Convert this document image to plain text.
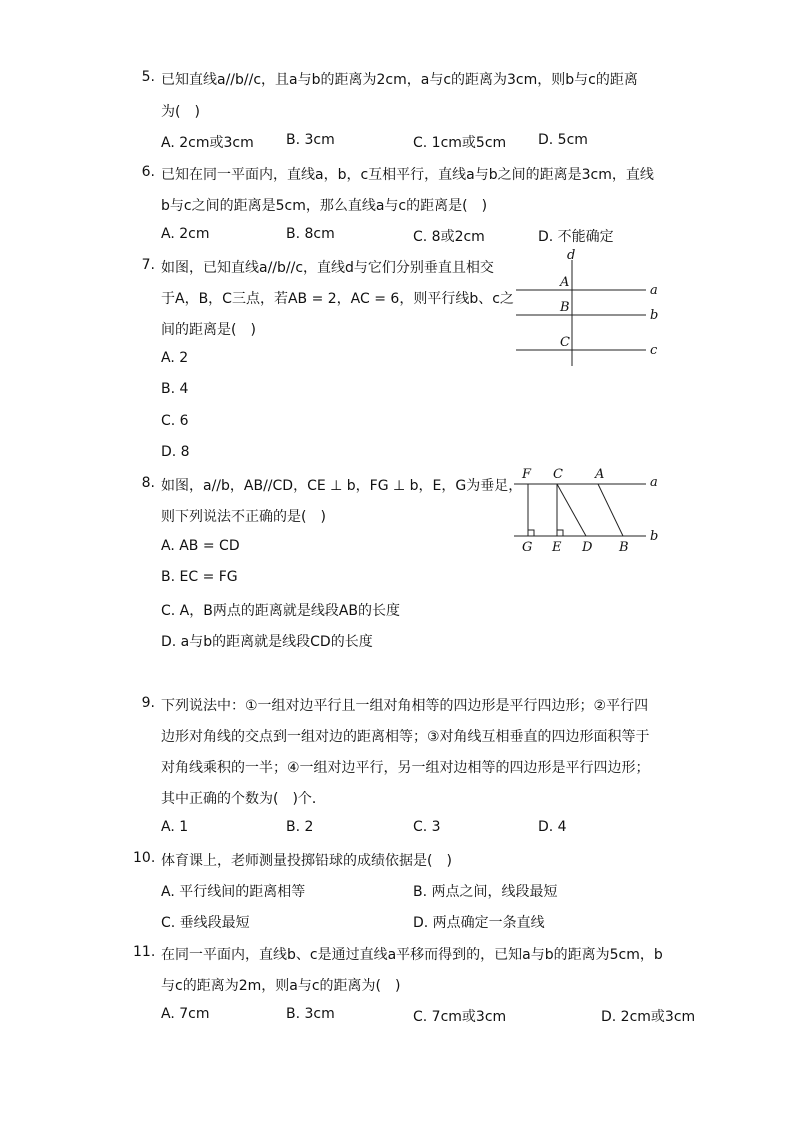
5. 已知直线a//b//c，且a与b的距离为2cm，a与c的距离为3cm，则b与c的距离
为(　)
A. 2cm或3cm B. 3cm	C. 1cm或5cm D. 5cm
6. 已知在同一平面内，直线a，b，c互相平行，直线a与b之间的距离是3cm，直线
b与c之间的距离是5cm，那么直线a与c的距离是(　)
A. 2cm	B. 8cm	C. 8或2cm	D. 不能确定
7. 如图，已知直线a//b//c，直线d与它们分别垂直且相交
于A，B，C三点，若AB = 2，AC = 6，则平行线b、c之
间的距离是(　)
A. 2
B. 4
C. 6
D. 8
d
A
B
C
a
b
c
8. 如图，a//b，AB//CD，CE ⊥ b，FG ⊥ b，E，G为垂足，
则下列说法不正确的是(　)
A. AB = CD
B. EC = FG
C. A，B两点的距离就是线段AB的长度
D. a与b的距离就是线段CD的长度
F C A
a
G E D B
b
9. 下列说法中：①一组对边平行且一组对角相等的四边形是平行四边形；②平行四
边形对角线的交点到一组对边的距离相等；③对角线互相垂直的四边形面积等于
对角线乘积的一半；④一组对边平行，另一组对边相等的四边形是平行四边形；
其中正确的个数为(　)个．
A. 1	B. 2	C. 3	D. 4
10. 体育课上，老师测量投掷铅球的成绩依据是(　)
A. 平行线间的距离相等	B. 两点之间，线段最短
C. 垂线段最短	D. 两点确定一条直线
11. 在同一平面内，直线b、c是通过直线a平移而得到的，已知a与b的距离为5cm，b
与c的距离为2m，则a与c的距离为(　)
A. 7cm	B. 3cm	C. 7cm或3cm	D. 2cm或3cm
